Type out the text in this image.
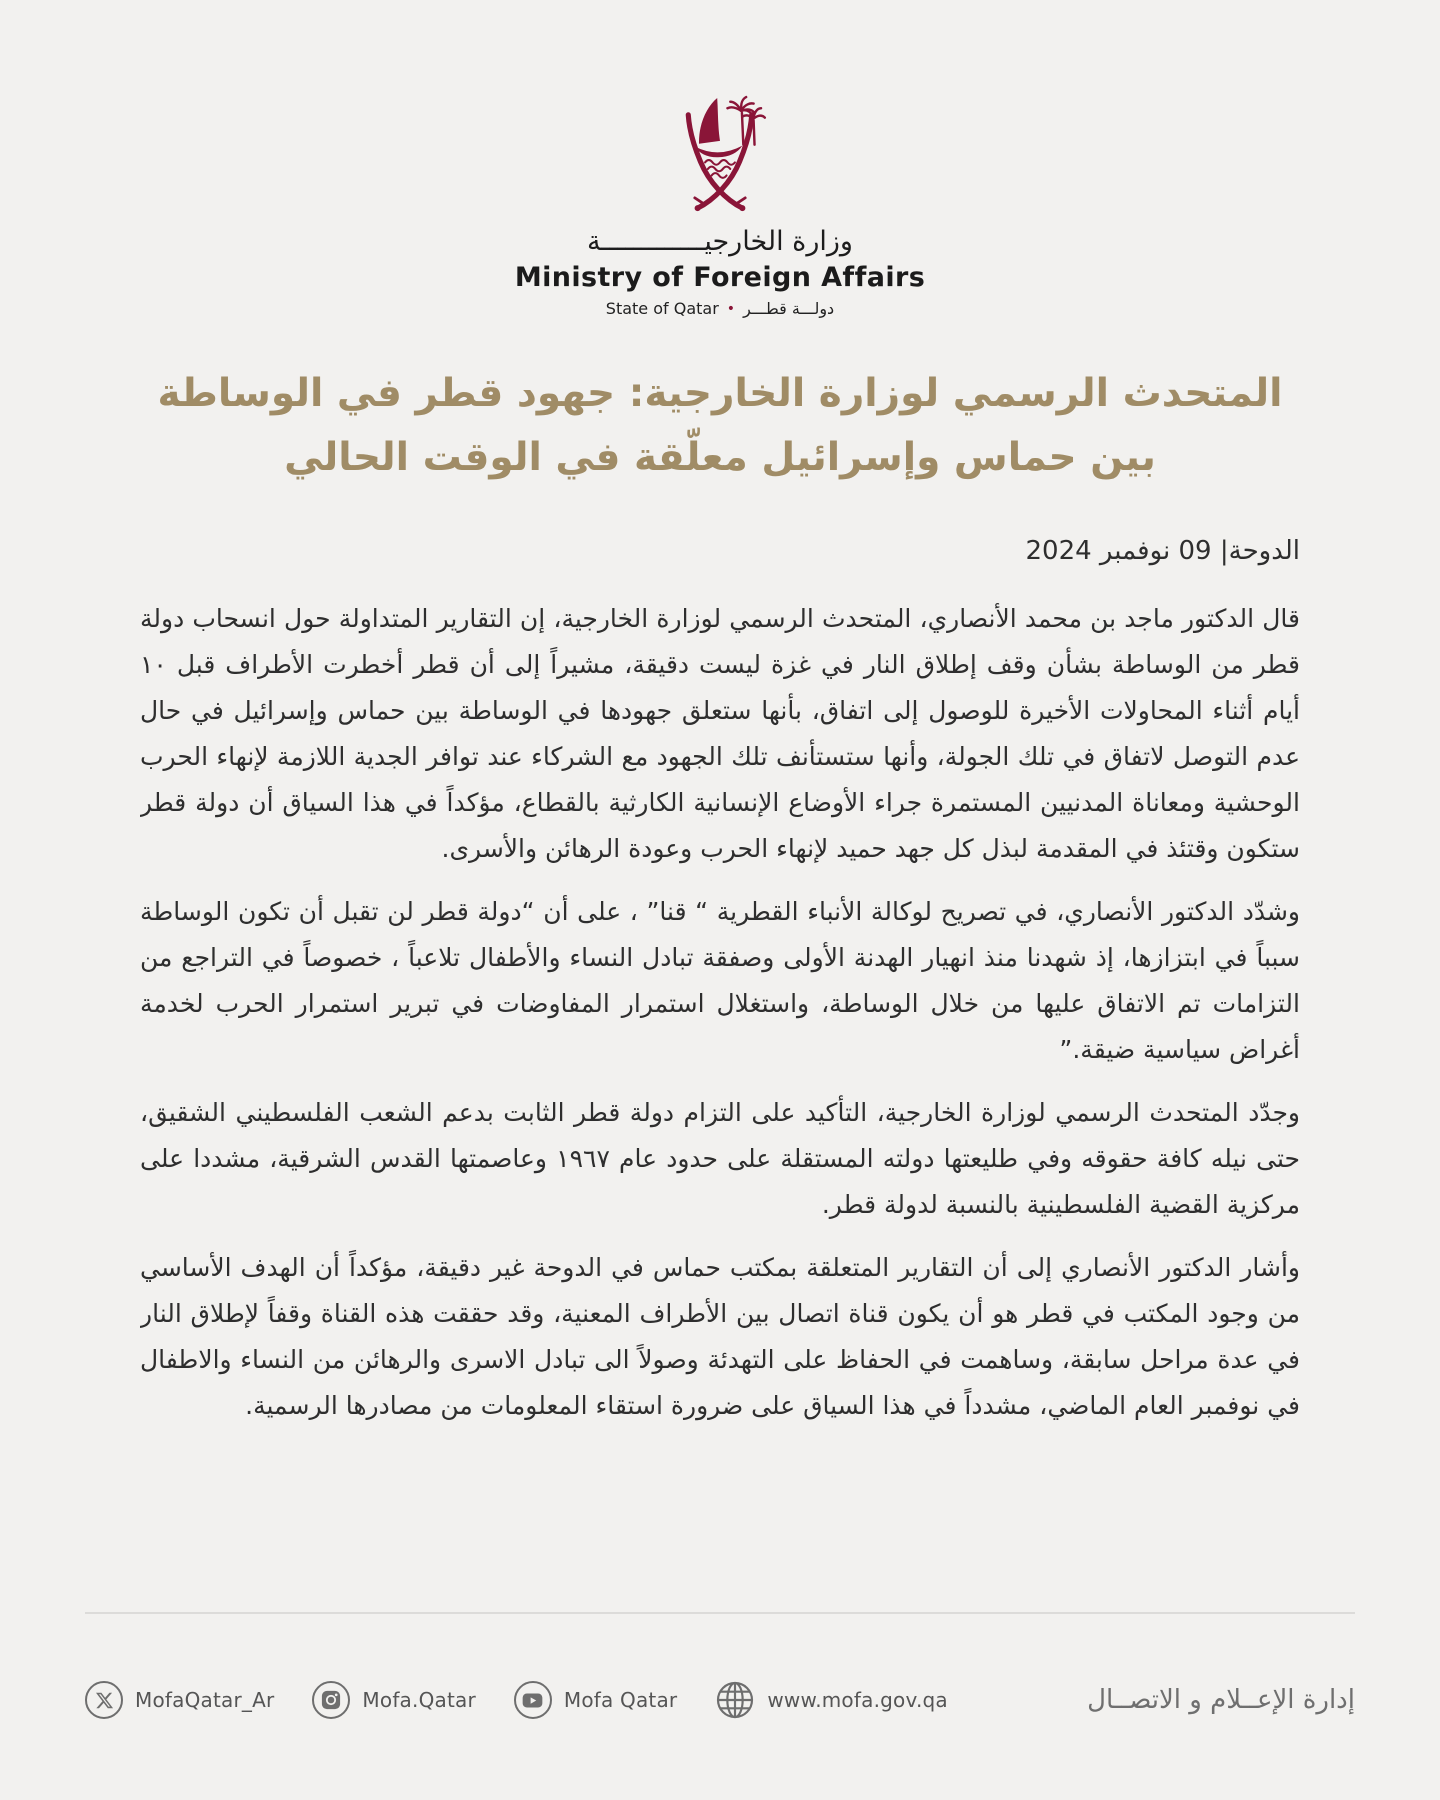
وزارة الخارجيـــــــــــــة
Ministry of Foreign Affairs
State of Qatar • دولـــة قطـــر
المتحدث الرسمي لوزارة الخارجية: جهود قطر في الوساطة
بين حماس وإسرائيل معلّقة في الوقت الحالي
الدوحة| 09 نوفمبر 2024

قال الدكتور ماجد بن محمد الأنصاري، المتحدث الرسمي لوزارة الخارجية، إن التقارير المتداولة حول انسحاب دولة قطر من الوساطة بشأن وقف إطلاق النار في غزة ليست دقيقة، مشيراً إلى أن قطر أخطرت الأطراف قبل ١٠ أيام أثناء المحاولات الأخيرة للوصول إلى اتفاق، بأنها ستعلق جهودها في الوساطة بين حماس وإسرائيل في حال عدم التوصل لاتفاق في تلك الجولة، وأنها ستستأنف تلك الجهود مع الشركاء عند توافر الجدية اللازمة لإنهاء الحرب الوحشية ومعاناة المدنيين المستمرة جراء الأوضاع الإنسانية الكارثية بالقطاع، مؤكداً في هذا السياق أن دولة قطر ستكون وقتئذ في المقدمة لبذل كل جهد حميد لإنهاء الحرب وعودة الرهائن والأسرى.

وشدّد الدكتور الأنصاري، في تصريح لوكالة الأنباء القطرية “ قنا” ، على أن “دولة قطر لن تقبل أن تكون الوساطة سبباً في ابتزازها، إذ شهدنا منذ انهيار الهدنة الأولى وصفقة تبادل النساء والأطفال تلاعباً ، خصوصاً في التراجع من التزامات تم الاتفاق عليها من خلال الوساطة، واستغلال استمرار المفاوضات في تبرير استمرار الحرب لخدمة أغراض سياسية ضيقة.”

وجدّد المتحدث الرسمي لوزارة الخارجية، التأكيد على التزام دولة قطر الثابت بدعم الشعب الفلسطيني الشقيق، حتى نيله كافة حقوقه وفي طليعتها دولته المستقلة على حدود عام ١٩٦٧ وعاصمتها القدس الشرقية، مشددا على مركزية القضية الفلسطينية بالنسبة لدولة قطر.

وأشار الدكتور الأنصاري إلى أن التقارير المتعلقة بمكتب حماس في الدوحة غير دقيقة، مؤكداً أن الهدف الأساسي من وجود المكتب في قطر هو أن يكون قناة اتصال بين الأطراف المعنية، وقد حققت هذه القناة وقفاً لإطلاق النار في عدة مراحل سابقة، وساهمت في الحفاظ على التهدئة وصولاً الى تبادل الاسرى والرهائن من النساء والاطفال في نوفمبر العام الماضي، مشدداً في هذا السياق على ضرورة استقاء المعلومات من مصادرها الرسمية.

MofaQatar_Ar	Mofa.Qatar	Mofa Qatar	www.mofa.gov.qa	إدارة الإعــلام و الاتصــال
